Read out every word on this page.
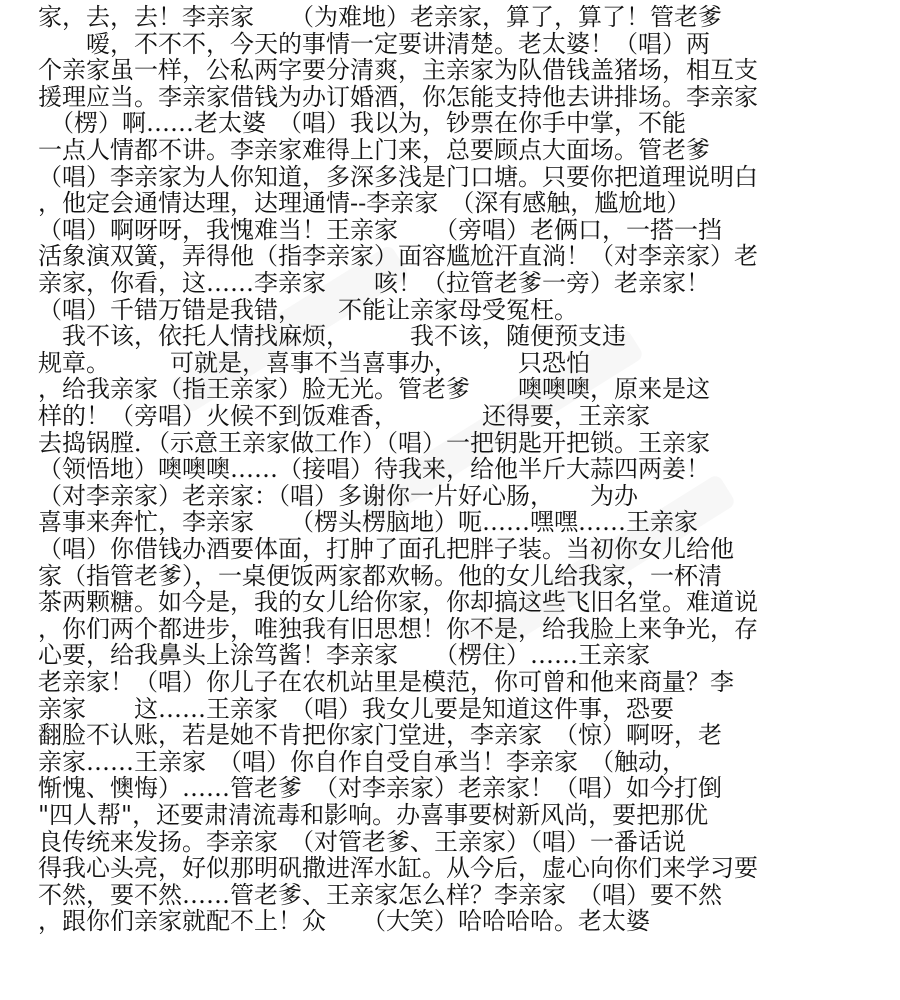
家，去，去！李亲家　　（为难地）老亲家，算了，算了！管老爹
　　嗳，不不不，今天的事情一定要讲清楚。老太婆！（唱）两
个亲家虽一样，公私两字要分清爽，主亲家为队借钱盖猪场，相互支
援理应当。李亲家借钱为办订婚酒，你怎能支持他去讲排场。李亲家
　（楞）啊……老太婆　（唱）我以为，钞票在你手中掌，不能
一点人情都不讲。李亲家难得上门来，总要顾点大面场。管老爹
（唱）李亲家为人你知道，多深多浅是门口塘。只要你把道理说明白
，他定会通情达理，达理通情--李亲家　（深有感触，尴尬地）
（唱）啊呀呀，我愧难当！王亲家　　（旁唱）老俩口，一搭一挡
活象演双簧，弄得他（指李亲家）面容尴尬汗直淌！（对李亲家）老
亲家，你看，这……李亲家　　咳！（拉管老爹一旁）老亲家！
（唱）千错万错是我错，　　不能让亲家母受冤枉。
　我不该，依托人情找麻烦，　　　我不该，随便预支违
规章。　　　可就是，喜事不当喜事办，　　　只恐怕
，给我亲家（指王亲家）脸无光。管老爹　　噢噢噢，原来是这
样的！（旁唱）火候不到饭难香，　　　　还得要，王亲家
去捣锅膛．（示意王亲家做工作）（唱）一把钥匙开把锁。王亲家
（领悟地）噢噢噢……（接唱）待我来，给他半斤大蒜四两姜！
（对李亲家）老亲家：（唱）多谢你一片好心肠，　　为办
喜事来奔忙，李亲家　　（楞头楞脑地）呃……嘿嘿……王亲家
（唱）你借钱办酒要体面，打肿了面孔把胖子装。当初你女儿给他
家（指管老爹），一桌便饭两家都欢畅。他的女儿给我家，一杯清
茶两颗糖。如今是，我的女儿给你家，你却搞这些飞旧名堂。难道说
，你们两个都进步，唯独我有旧思想！你不是，给我脸上来争光，存
心要，给我鼻头上涂笃酱！李亲家　　（楞住）……王亲家
老亲家！（唱）你儿子在农机站里是模范，你可曾和他来商量？李
亲家　　这……王亲家　（唱）我女儿要是知道这件事，恐要
翻脸不认账，若是她不肯把你家门堂进，李亲家　（惊）啊呀，老
亲家……王亲家　（唱）你自作自受自承当！李亲家　（触动，
惭愧、懊悔）……管老爹　（对李亲家）老亲家！（唱）如今打倒
"四人帮"，还要肃清流毒和影响。办喜事要树新风尚，要把那优
良传统来发扬。李亲家　（对管老爹、王亲家）（唱）一番话说
得我心头亮，好似那明矾撒进浑水缸。从今后，虚心向你们来学习要
不然，要不然……管老爹、王亲家怎么样？李亲家　（唱）要不然
，跟你们亲家就配不上！众　　（大笑）哈哈哈哈。老太婆
